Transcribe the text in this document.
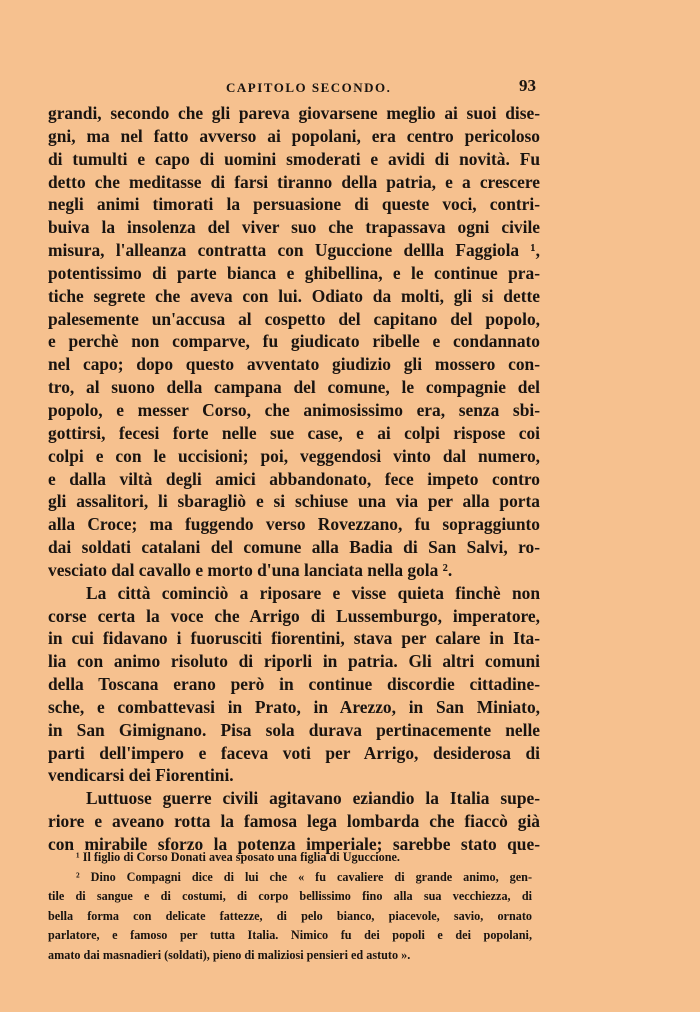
CAPITOLO SECONDO.	93
grandi, secondo che gli pareva giovarsene meglio ai suoi dise-
gni, ma nel fatto avverso ai popolani, era centro pericoloso
di tumulti e capo di uomini smoderati e avidi di novità. Fu
detto che meditasse di farsi tiranno della patria, e a crescere
negli animi timorati la persuasione di queste voci, contri-
buiva la insolenza del viver suo che trapassava ogni civile
misura, l'alleanza contratta con Uguccione dellla Faggiola ¹,
potentissimo di parte bianca e ghibellina, e le continue pra-
tiche segrete che aveva con lui. Odiato da molti, gli si dette
palesemente un'accusa al cospetto del capitano del popolo,
e perchè non comparve, fu giudicato ribelle e condannato
nel capo; dopo questo avventato giudizio gli mossero con-
tro, al suono della campana del comune, le compagnie del
popolo, e messer Corso, che animosissimo era, senza sbi-
gottirsi, fecesi forte nelle sue case, e ai colpi rispose coi
colpi e con le uccisioni; poi, veggendosi vinto dal numero,
e dalla viltà degli amici abbandonato, fece impeto contro
gli assalitori, li sbaragliò e si schiuse una via per alla porta
alla Croce; ma fuggendo verso Rovezzano, fu sopraggiunto
dai soldati catalani del comune alla Badia di San Salvi, ro-
vesciato dal cavallo e morto d'una lanciata nella gola ².
La città cominciò a riposare e visse quieta finchè non
corse certa la voce che Arrigo di Lussemburgo, imperatore,
in cui fidavano i fuorusciti fiorentini, stava per calare in Ita-
lia con animo risoluto di riporli in patria. Gli altri comuni
della Toscana erano però in continue discordie cittadine-
sche, e combattevasi in Prato, in Arezzo, in San Miniato,
in San Gimignano. Pisa sola durava pertinacemente nelle
parti dell'impero e faceva voti per Arrigo, desiderosa di
vendicarsi dei Fiorentini.
Luttuose guerre civili agitavano eziandio la Italia supe-
riore e aveano rotta la famosa lega lombarda che fiaccò già
con mirabile sforzo la potenza imperiale; sarebbe stato que-
¹ Il figlio di Corso Donati avea sposato una figlia di Uguccione.
² Dino Compagni dice di lui che « fu cavaliere di grande animo, gen-
tile di sangue e di costumi, di corpo bellissimo fino alla sua vecchiezza, di
bella forma con delicate fattezze, di pelo bianco, piacevole, savio, ornato
parlatore, e famoso per tutta Italia. Nimico fu dei popoli e dei popolani,
amato dai masnadieri (soldati), pieno di maliziosi pensieri ed astuto ».
